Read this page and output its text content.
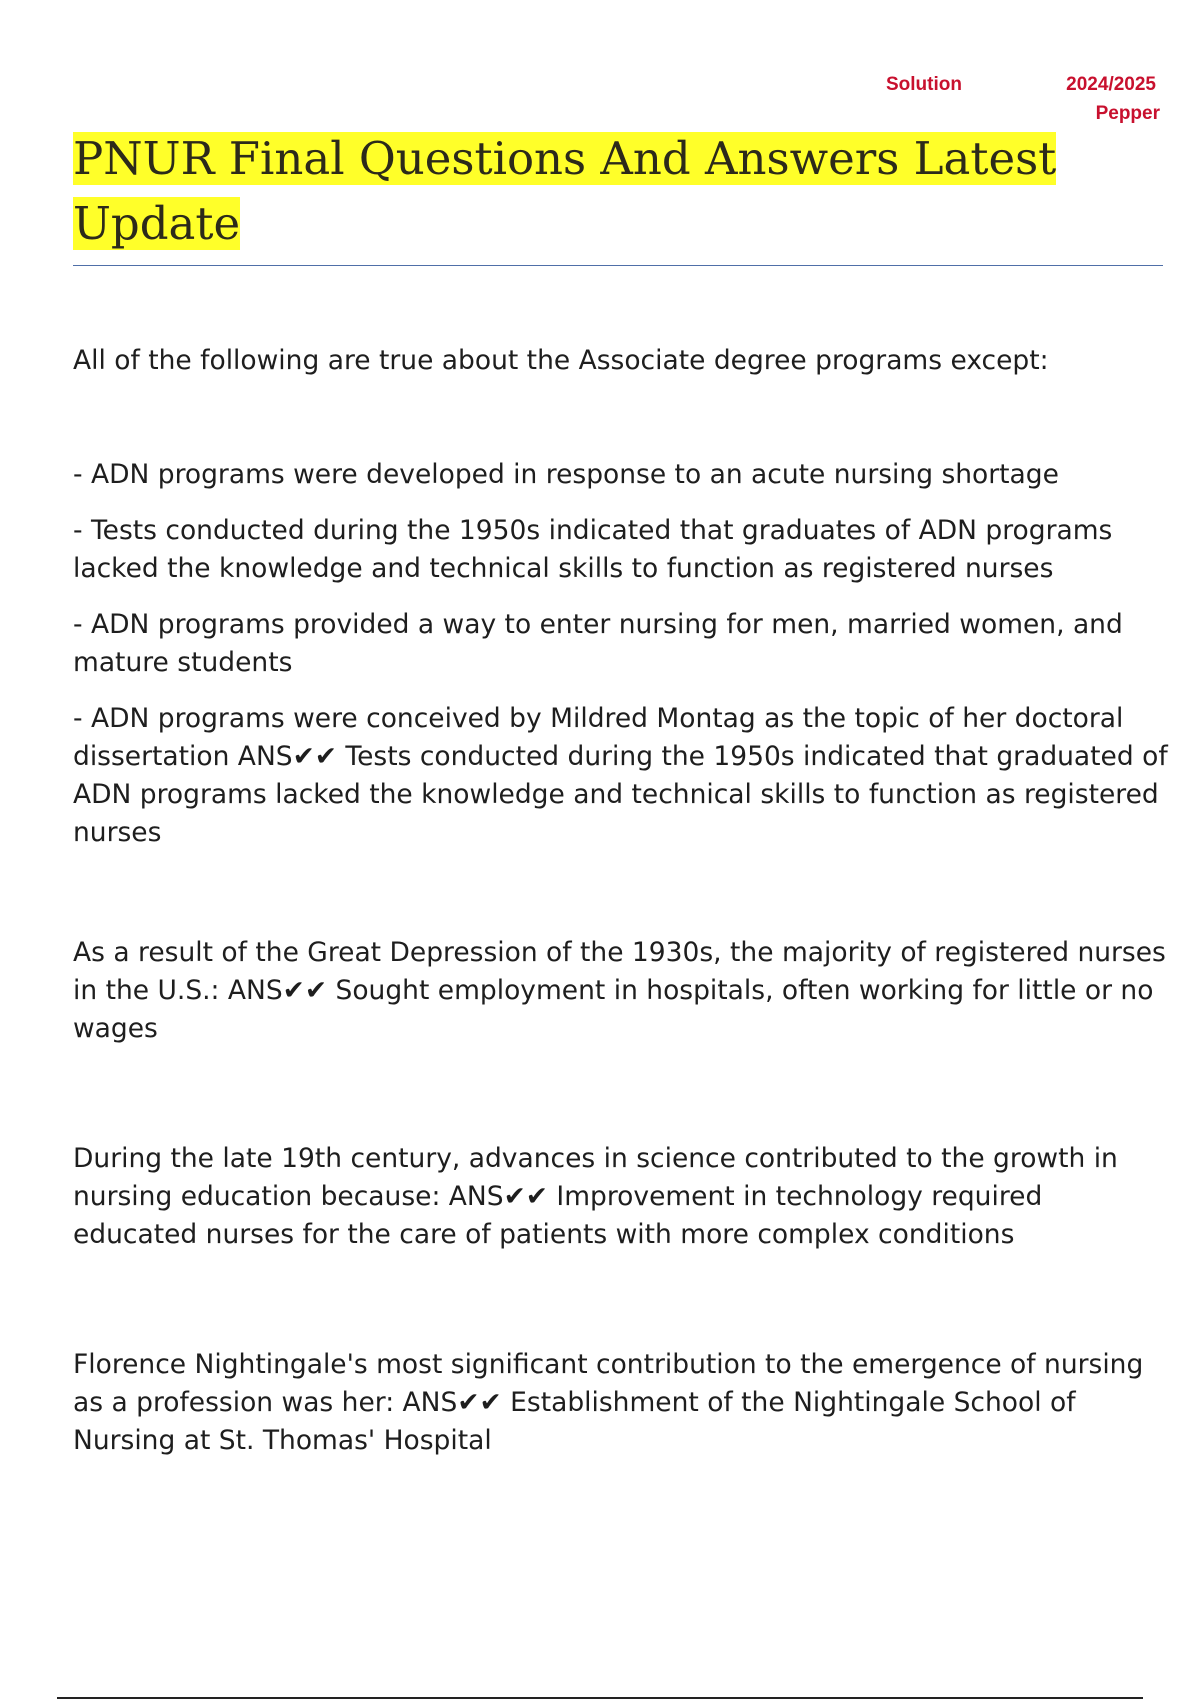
Solution	2024/2025
Pepper
PNUR Final Questions And Answers Latest
Update

All of the following are true about the Associate degree programs except:

- ADN programs were developed in response to an acute nursing shortage
- Tests conducted during the 1950s indicated that graduates of ADN programs lacked the knowledge and technical skills to function as registered nurses
- ADN programs provided a way to enter nursing for men, married women, and mature students
- ADN programs were conceived by Mildred Montag as the topic of her doctoral dissertation ANS✔✔ Tests conducted during the 1950s indicated that graduated of ADN programs lacked the knowledge and technical skills to function as registered nurses

As a result of the Great Depression of the 1930s, the majority of registered nurses in the U.S.: ANS✔✔ Sought employment in hospitals, often working for little or no wages

During the late 19th century, advances in science contributed to the growth in nursing education because: ANS✔✔ Improvement in technology required educated nurses for the care of patients with more complex conditions

Florence Nightingale's most significant contribution to the emergence of nursing as a profession was her: ANS✔✔ Establishment of the Nightingale School of Nursing at St. Thomas' Hospital
